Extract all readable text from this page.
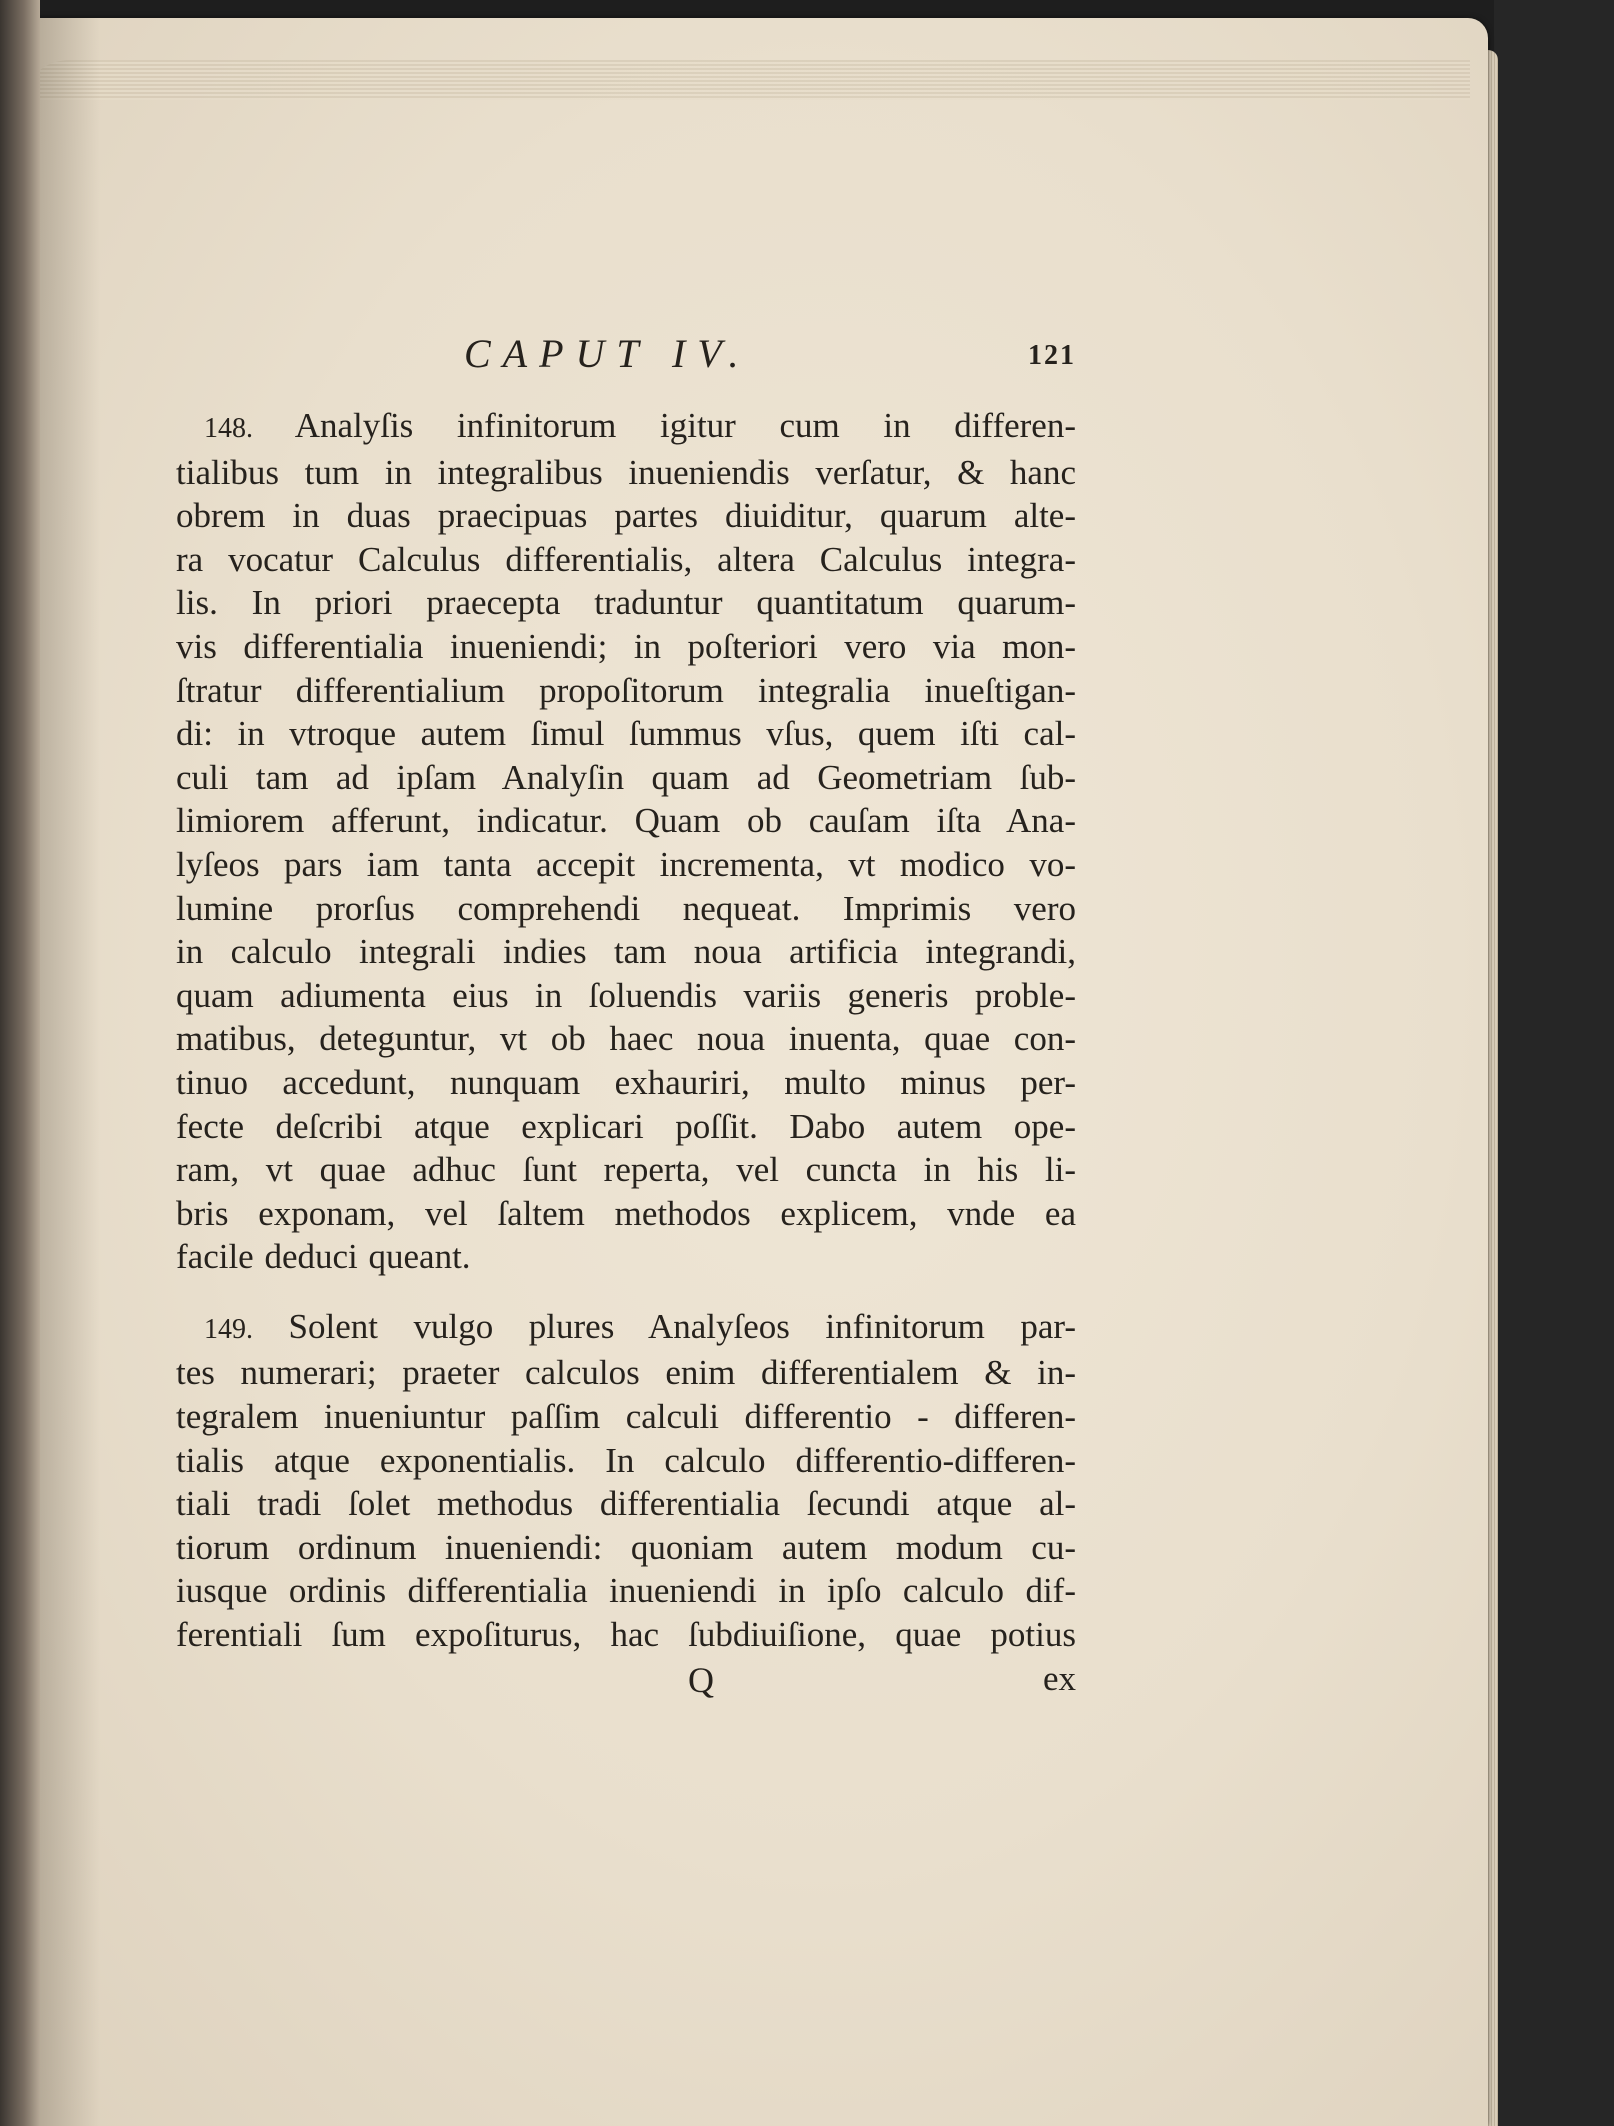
CAPUT IV.	121

148. Analyſis infinitorum igitur cum in differen-

tialibus tum in integralibus inueniendis verſatur, & hanc

obrem in duas praecipuas partes diuiditur, quarum alte-

ra vocatur Calculus differentialis, altera Calculus integra-

lis. In priori praecepta traduntur quantitatum quarum-

vis differentialia inueniendi; in poſteriori vero via mon-

ſtratur differentialium propoſitorum integralia inueſtigan-

di: in vtroque autem ſimul ſummus vſus, quem iſti cal-

culi tam ad ipſam Analyſin quam ad Geometriam ſub-

limiorem afferunt, indicatur. Quam ob cauſam iſta Ana-

lyſeos pars iam tanta accepit incrementa, vt modico vo-

lumine prorſus comprehendi nequeat. Imprimis vero

in calculo integrali indies tam noua artificia integrandi,

quam adiumenta eius in ſoluendis variis generis proble-

matibus, deteguntur, vt ob haec noua inuenta, quae con-

tinuo accedunt, nunquam exhauriri, multo minus per-

fecte deſcribi atque explicari poſſit. Dabo autem ope-

ram, vt quae adhuc ſunt reperta, vel cuncta in his li-

bris exponam, vel ſaltem methodos explicem, vnde ea

facile deduci queant.

149. Solent vulgo plures Analyſeos infinitorum par-

tes numerari; praeter calculos enim differentialem & in-

tegralem inueniuntur paſſim calculi differentio - differen-

tialis atque exponentialis. In calculo differentio-differen-

tiali tradi ſolet methodus differentialia ſecundi atque al-

tiorum ordinum inueniendi: quoniam autem modum cu-

iusque ordinis differentialia inueniendi in ipſo calculo dif-

ferentiali ſum expoſiturus, hac ſubdiuiſione, quae potius

Q	ex
